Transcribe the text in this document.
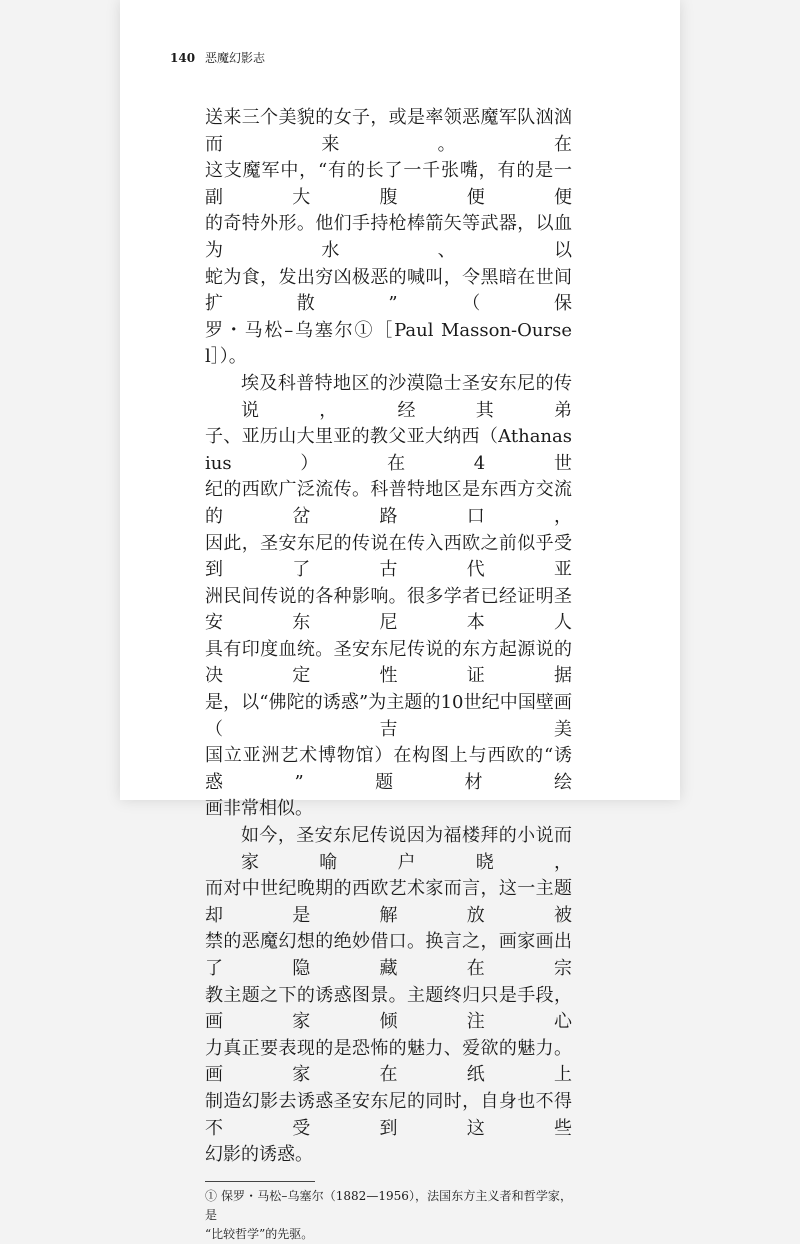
140 恶魔幻影志
送来三个美貌的女子，或是率领恶魔军队汹汹而来。在
这支魔军中，“有的长了一千张嘴，有的是一副大腹便便
的奇特外形。他们手持枪棒箭矢等武器，以血为水、以
蛇为食，发出穷凶极恶的喊叫，令黑暗在世间扩散”（保
罗・马松–乌塞尔①［Paul Masson-Oursel］）。
埃及科普特地区的沙漠隐士圣安东尼的传说，经其弟
子、亚历山大里亚的教父亚大纳西（Athanasius）在4世
纪的西欧广泛流传。科普特地区是东西方交流的岔路口，
因此，圣安东尼的传说在传入西欧之前似乎受到了古代亚
洲民间传说的各种影响。很多学者已经证明圣安东尼本人
具有印度血统。圣安东尼传说的东方起源说的决定性证据
是，以“佛陀的诱惑”为主题的10世纪中国壁画（吉美
国立亚洲艺术博物馆）在构图上与西欧的“诱惑”题材绘
画非常相似。
如今，圣安东尼传说因为福楼拜的小说而家喻户晓，
而对中世纪晚期的西欧艺术家而言，这一主题却是解放被
禁的恶魔幻想的绝妙借口。换言之，画家画出了隐藏在宗
教主题之下的诱惑图景。主题终归只是手段，画家倾注心
力真正要表现的是恐怖的魅力、爱欲的魅力。画家在纸上
制造幻影去诱惑圣安东尼的同时，自身也不得不受到这些
幻影的诱惑。
① 保罗・马松–乌塞尔（1882—1956），法国东方主义者和哲学家，是
“比较哲学”的先驱。
